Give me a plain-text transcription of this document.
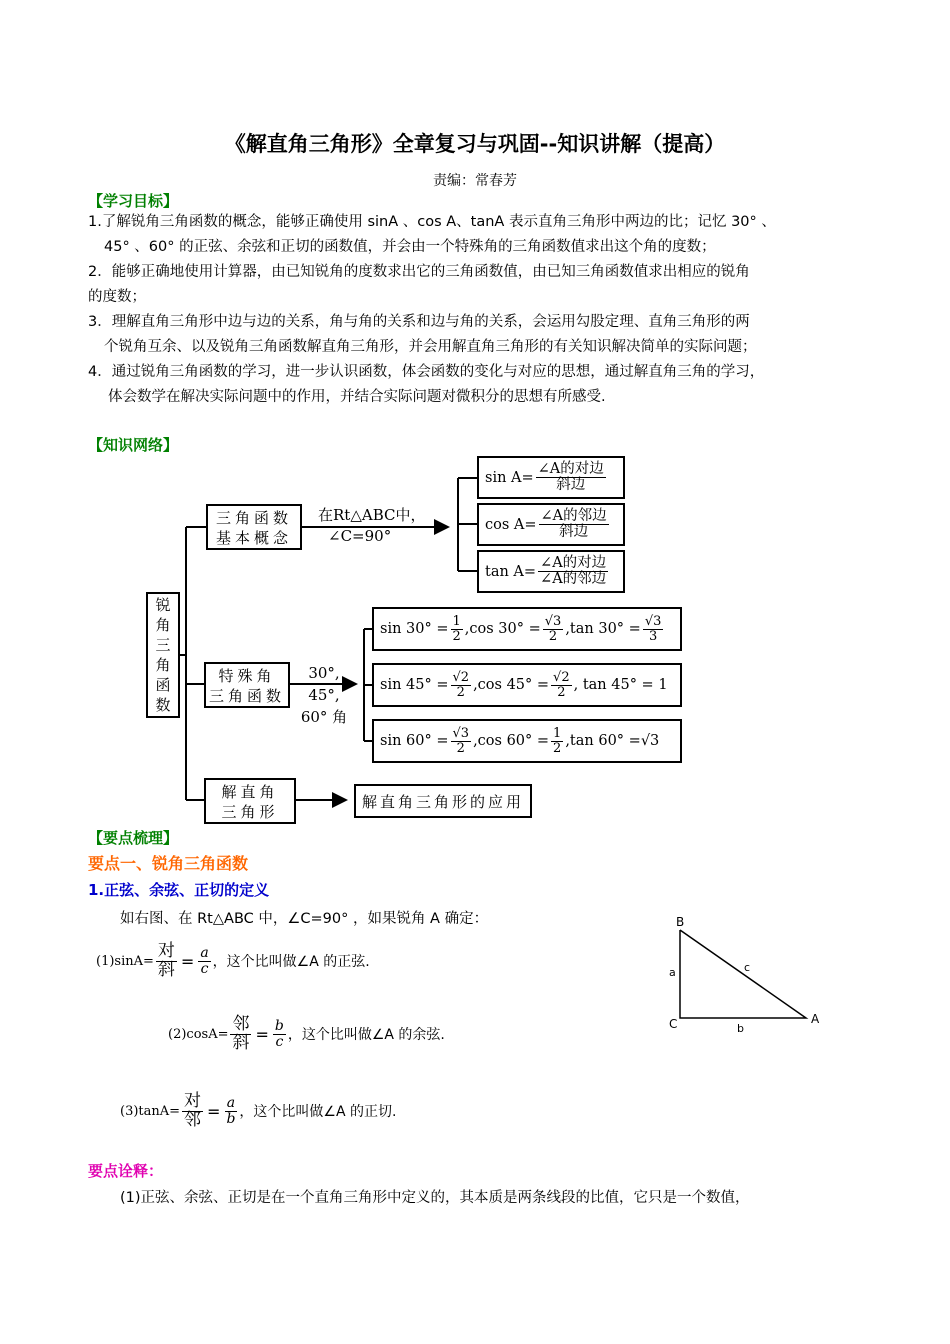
《解直角三角形》全章复习与巩固--知识讲解（提高）
责编：常春芳
【学习目标】
1.了解锐角三角函数的概念，能够正确使用 sinA 、cos A、tanA 表示直角三角形中两边的比；记忆 30° 、
45° 、60° 的正弦、余弦和正切的函数值，并会由一个特殊角的三角函数值求出这个角的度数；
2．能够正确地使用计算器，由已知锐角的度数求出它的三角函数值，由已知三角函数值求出相应的锐角
的度数；
3．理解直角三角形中边与边的关系，角与角的关系和边与角的关系，会运用勾股定理、直角三角形的两
个锐角互余、以及锐角三角函数解直角三角形，并会用解直角三角形的有关知识解决简单的实际问题；
4．通过锐角三角函数的学习，进一步认识函数，体会函数的变化与对应的思想，通过解直角三角的学习，
体会数学在解决实际问题中的作用，并结合实际问题对微积分的思想有所感受.
【知识网络】
锐
角
三
角
函
数
三角函数
基本概念
在Rt△ABC中，
∠C=90°
$\sin A= \frac{\text{∠A的对边}}{\text{斜边}}$
$\cos A= \frac{\text{∠A的邻边}}{\text{斜边}}$
$\tan A= \frac{\text{∠A的对边}}{\text{∠A的邻边}}$
特殊角
三角函数
30°, 45°,
60° 角
$\sin 30^\circ = \frac{1}{2} ,\cos$ $30^\circ = \frac{√3}{2} ,\tan$ $30^\circ = \frac{√3}{3}$
$\sin 45^\circ = \frac{√2}{2} ,\cos$ $45^\circ = \frac{√2}{2}$ , tan 45° = 1
$\sin 60^\circ = \frac{√3}{2} ,\cos$ $60^\circ = \frac{1}{2} ,\tan$ 60° =√3
解直角
三角形
解直角三角形的应用
【要点梳理】
要点一、锐角三角函数
1.正弦、余弦、正切的定义
如右图、在 Rt△ABC 中，∠C=90° ，如果锐角 A 确定：
$(1)\sin A= \frac{\text{对}}{\text{斜}} = \frac{a}{c}$ ，这个比叫做∠A 的正弦.
$(2)\cos A= \frac{\text{邻}}{\text{斜}} = \frac{b}{c}$ ，这个比叫做∠A 的余弦.
$(3)\tan A= \frac{\text{对}}{\text{邻}} = \frac{a}{b}$ ，这个比叫做∠A 的正切.
B
C	A
a
b
c
要点诠释：
(1)正弦、余弦、正切是在一个直角三角形中定义的，其本质是两条线段的比值，它只是一个数值，
